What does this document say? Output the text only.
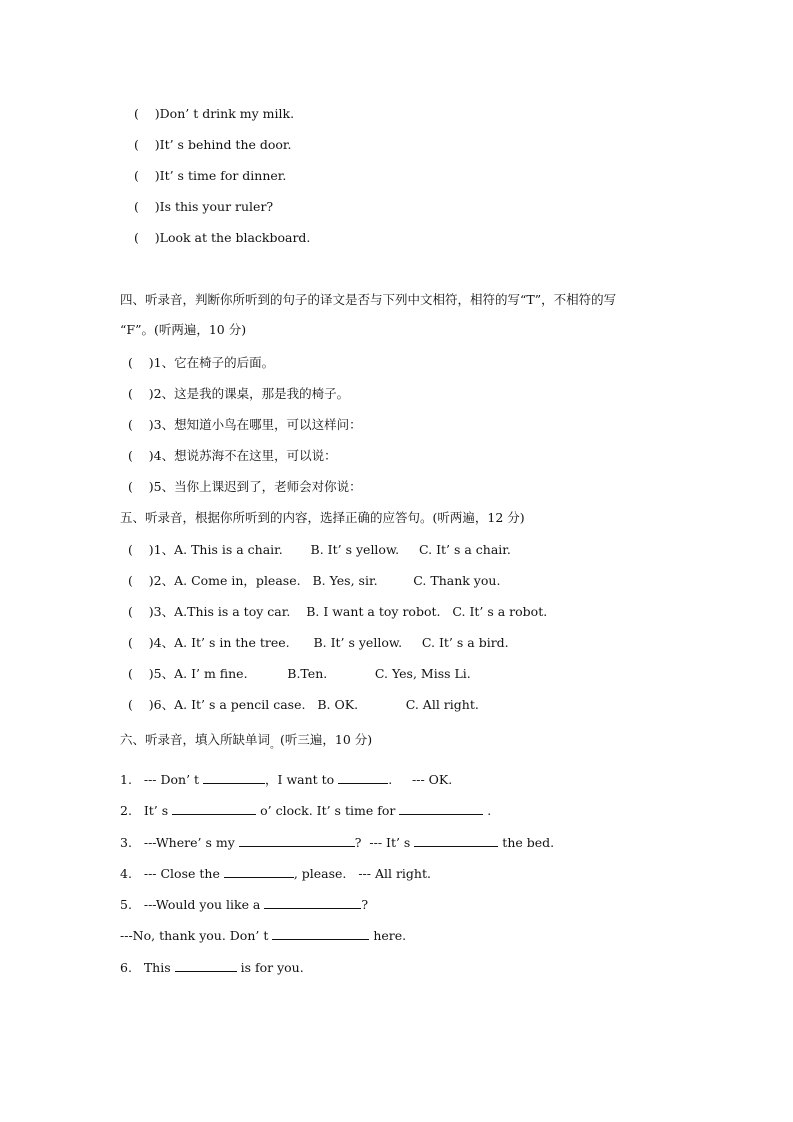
(    )Don’ t drink my milk.
(    )It’ s behind the door.
(    )It’ s time for dinner.
(    )Is this your ruler?
(    )Look at the blackboard.
四、听录音，判断你所听到的句子的译文是否与下列中文相符，相符的写“T”，不相符的写
“F”。(听两遍，10 分)
(    )1、它在椅子的后面。
(    )2、这是我的课桌，那是我的椅子。
(    )3、想知道小鸟在哪里，可以这样问：
(    )4、想说苏海不在这里，可以说：
(    )5、当你上课迟到了，老师会对你说：
五、听录音，根据你所听到的内容，选择正确的应答句。(听两遍，12 分)
(    )1、A. This is a chair.       B. It’ s yellow.     C. It’ s a chair.
(    )2、A. Come in，please.   B. Yes, sir.         C. Thank you.
(    )3、A.This is a toy car.    B. I want a toy robot.   C. It’ s a robot.
(    )4、A. It’ s in the tree.      B. It’ s yellow.     C. It’ s a bird.
(    )5、A. I’ m fine.          B.Ten.            C. Yes, Miss Li.
(    )6、A. It’ s a pencil case.   B. OK.            C. All right.
六、听录音，填入所缺单词$_。$(听三遍，10 分)
1.   --- Don’ t	，I want to	.     --- OK.
2.   It’ s	o’ clock. It’ s time for	.
3.   ---Where’ s my	?  --- It’ s	the bed.
4.   --- Close the	, please.   --- All right.
5.   ---Would you like a	?
---No, thank you. Don’ t	here.
6.   This	is for you.
